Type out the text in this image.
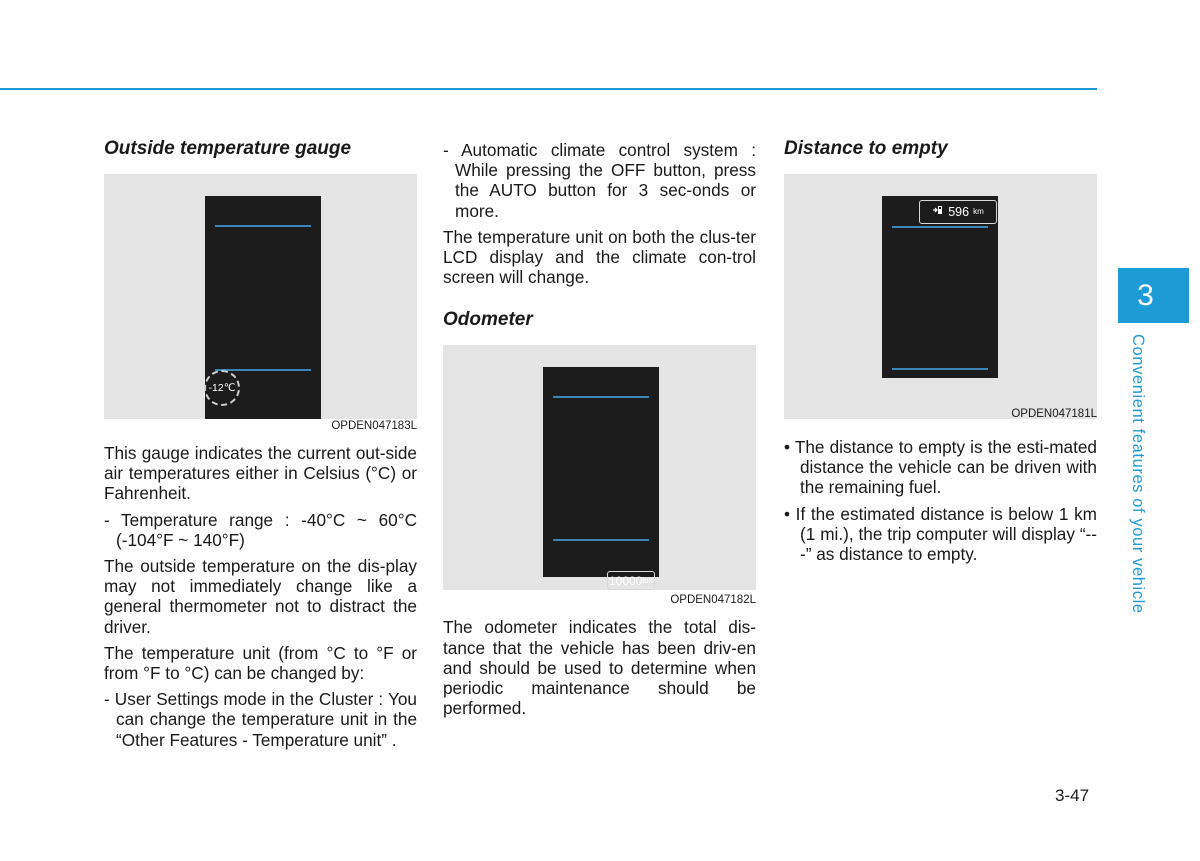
Outside temperature gauge
-12℃
OPDEN047183L

This gauge indicates the current out-side air temperatures either in Celsius (°C) or Fahrenheit.

- Temperature range : -40°C ~ 60°C (-104°F ~ 140°F)

The outside temperature on the dis-play may not immediately change like a general thermometer not to distract the driver.

The temperature unit (from °C to °F or from °F to °C) can be changed by:

- User Settings mode in the Cluster : You can change the temperature unit in the “Other Features - Temperature unit” .

- Automatic climate control system : While pressing the OFF button, press the AUTO button for 3 sec-onds or more.

The temperature unit on both the clus-ter LCD display and the climate con-trol screen will change.

Odometer
10000 km
OPDEN047182L

The odometer indicates the total dis-tance that the vehicle has been driv-en and should be used to determine when periodic maintenance should be performed.

Distance to empty
596 km
OPDEN047181L

• The distance to empty is the esti-mated distance the vehicle can be driven with the remaining fuel.

• If the estimated distance is below 1 km (1 mi.), the trip computer will display “---” as distance to empty.

3
Convenient features of your vehicle
3-47
